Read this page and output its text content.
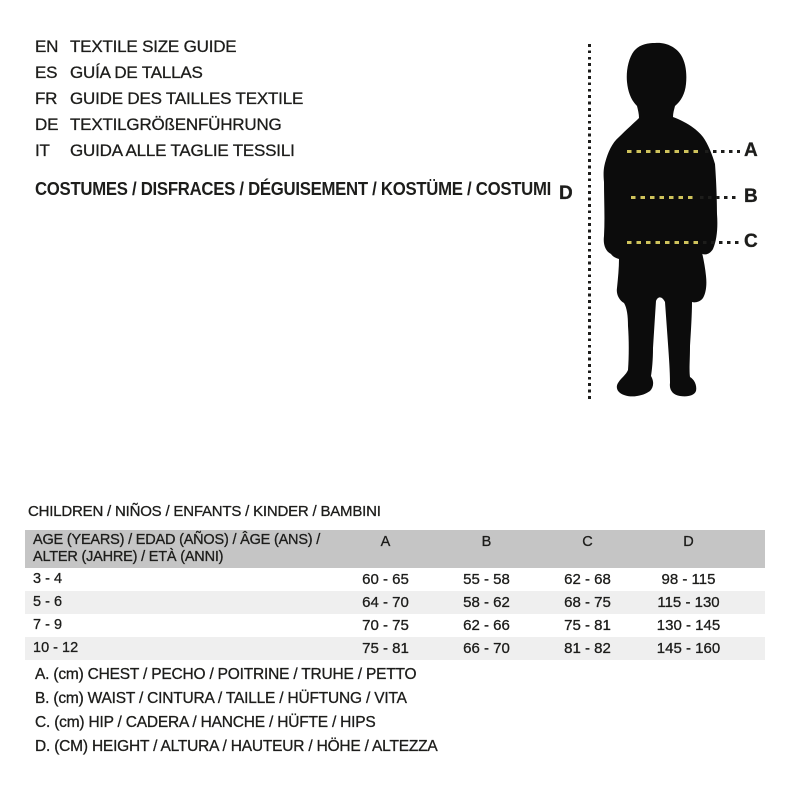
EN TEXTILE SIZE GUIDE
ES GUÍA DE TALLAS
FR GUIDE DES TAILLES TEXTILE
DE TEXTILGRÖßENFÜHRUNG
IT	GUIDA ALLE TAGLIE TESSILI
COSTUMES / DISFRACES / DÉGUISEMENT / KOSTÜME / COSTUMI D
A
B
C
CHILDREN / NIÑOS / ENFANTS / KINDER / BAMBINI
AGE (YEARS) / EDAD (AÑOS) / ÂGE (ANS) /
ALTER (JAHRE) / ETÀ (ANNI)
A	B	C	D
3 - 4	60 - 65	55 - 58	62 - 68	98 - 115
5 - 6	64 - 70	58 - 62	68 - 75	115 - 130
7 - 9	70 - 75	62 - 66	75 - 81	130 - 145
10 - 12	75 - 81	66 - 70	81 - 82	145 - 160
A. (cm) CHEST / PECHO / POITRINE / TRUHE / PETTO
B. (cm) WAIST / CINTURA / TAILLE / HÜFTUNG / VITA
C. (cm) HIP / CADERA / HANCHE / HÜFTE / HIPS
D. (CM) HEIGHT / ALTURA / HAUTEUR / HÖHE / ALTEZZA
